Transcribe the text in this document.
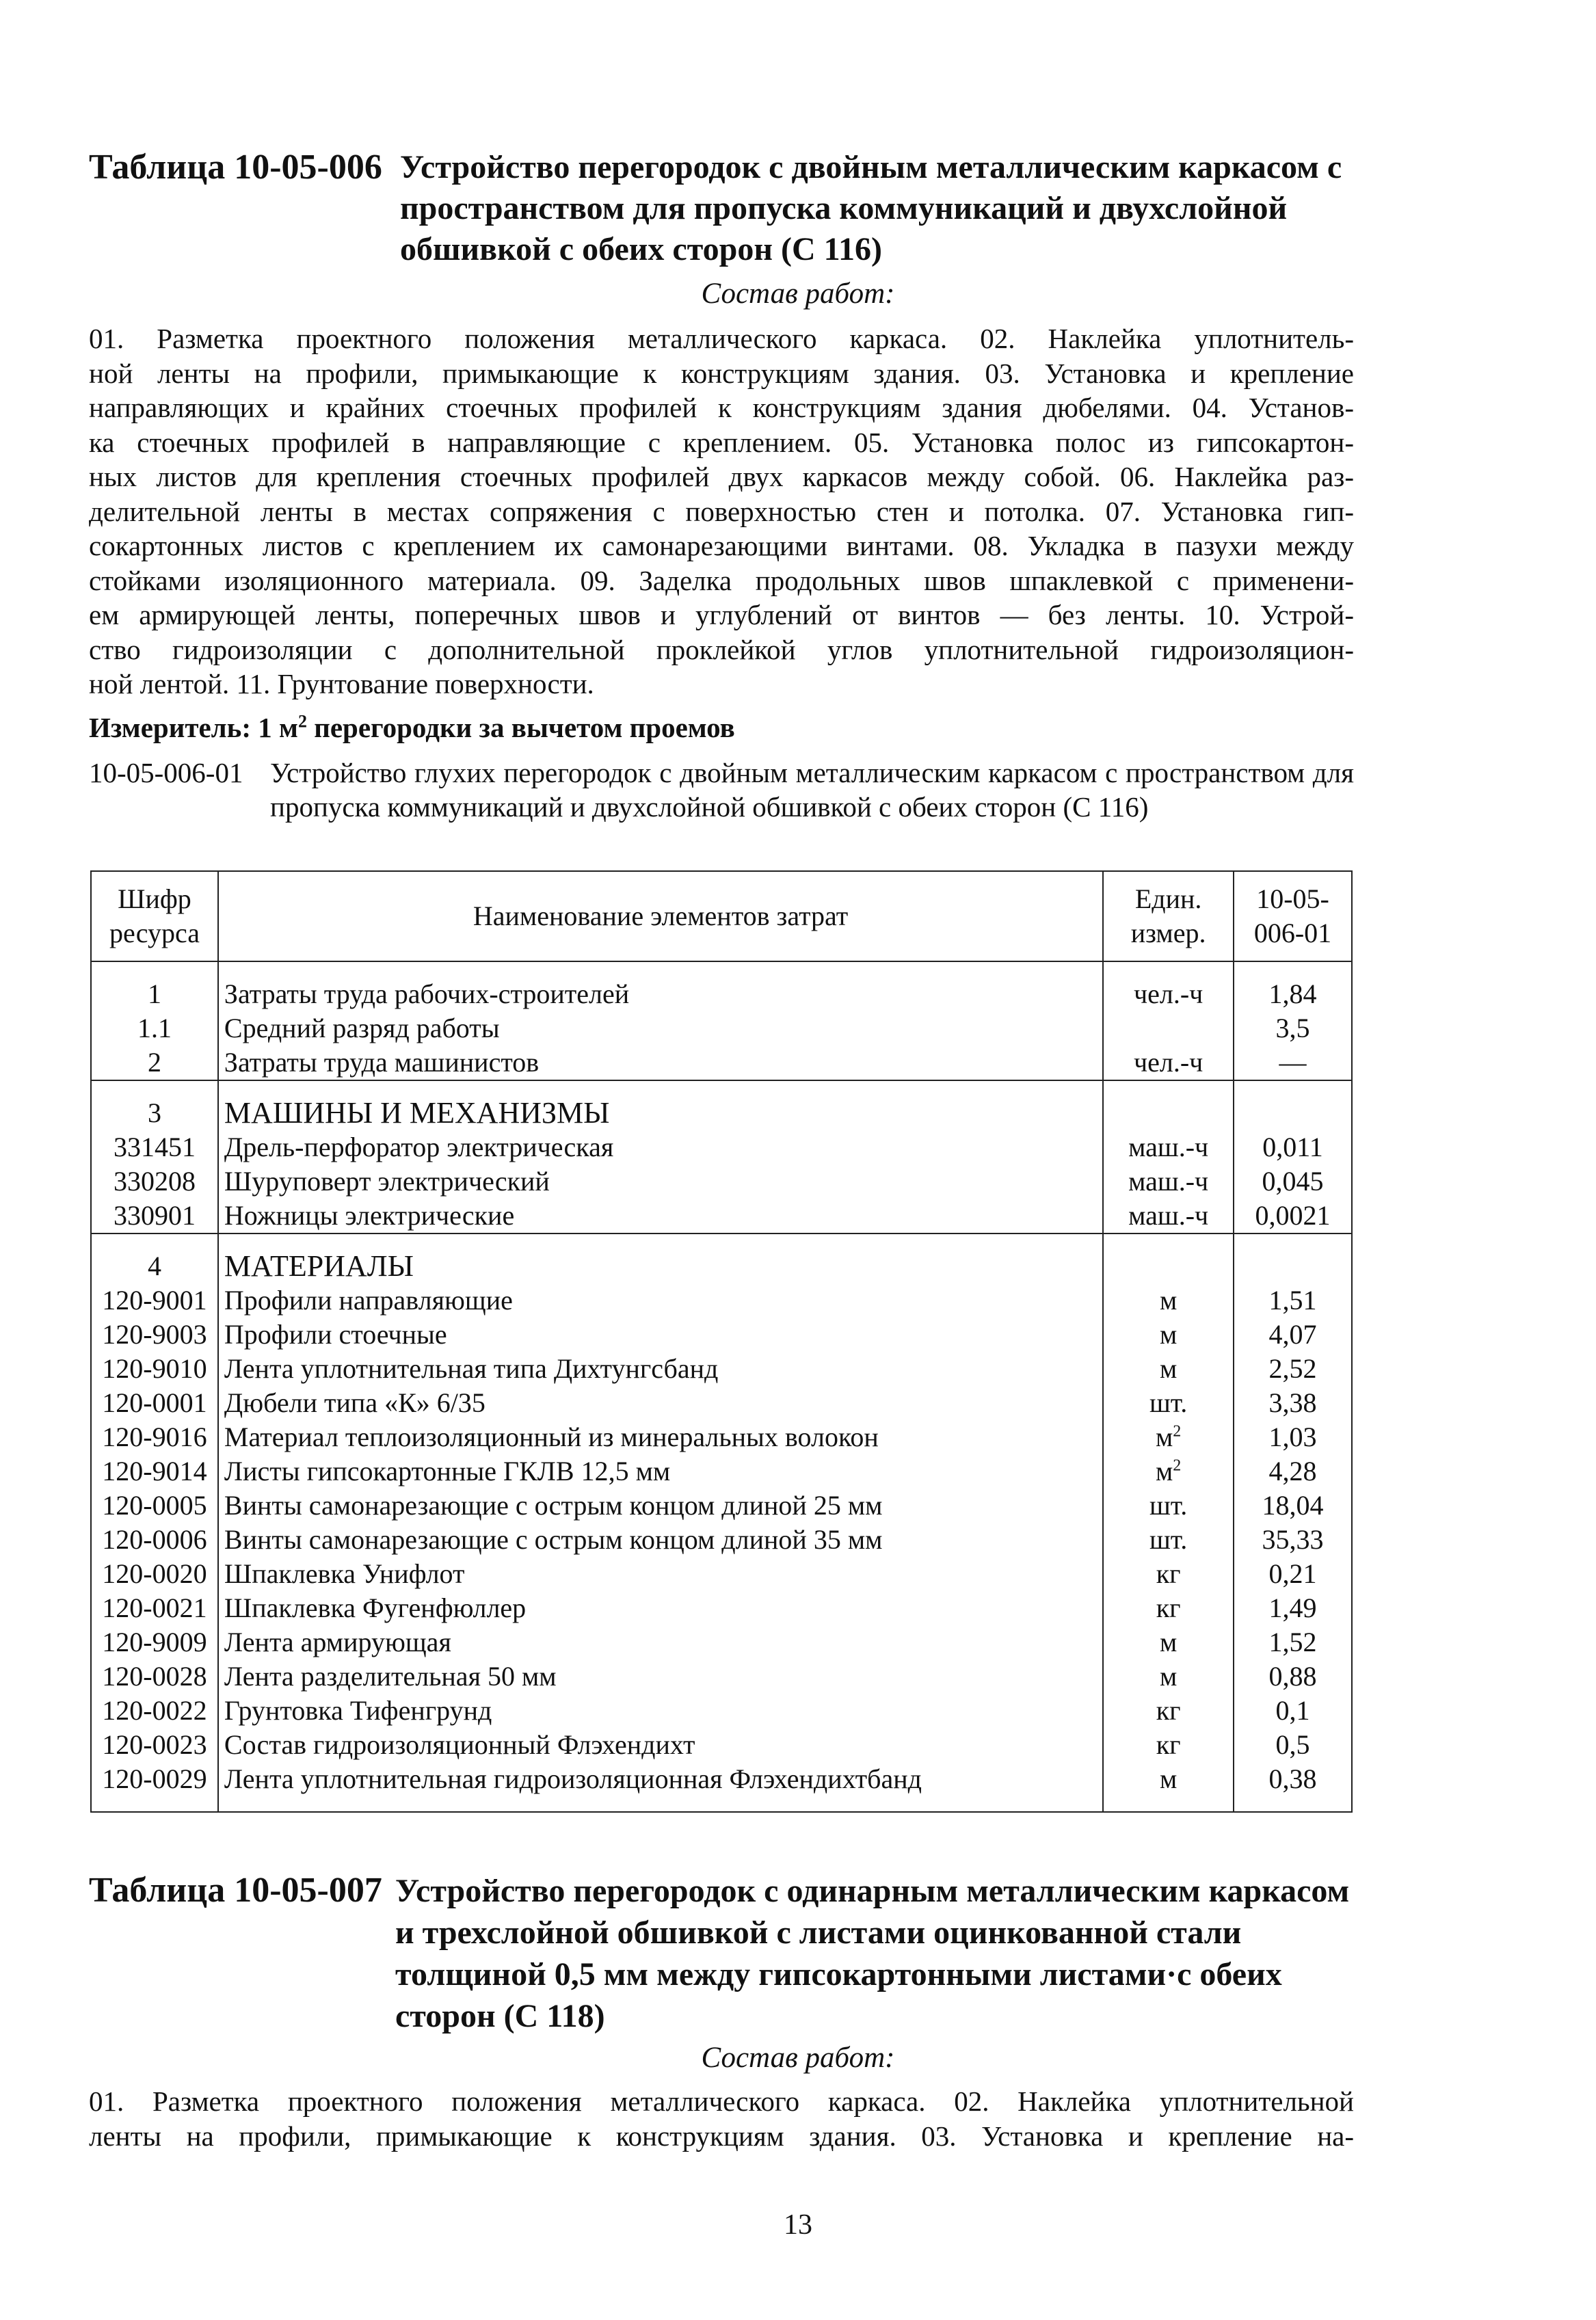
Таблица 10-05-006 Устройство перегородок с двойным металлическим каркасом с пространством для пропуска коммуникаций и двухслойной обшивкой с обеих сторон (С 116)
Состав работ:
01. Разметка проектного положения металлического каркаса. 02. Наклейка уплотнитель-
ной ленты на профили, примыкающие к конструкциям здания. 03. Установка и крепление
направляющих и крайних стоечных профилей к конструкциям здания дюбелями. 04. Установ-
ка стоечных профилей в направляющие с креплением. 05. Установка полос из гипсокартон-
ных листов для крепления стоечных профилей двух каркасов между собой. 06. Наклейка раз-
делительной ленты в местах сопряжения с поверхностью стен и потолка. 07. Установка гип-
сокартонных листов с креплением их самонарезающими винтами. 08. Укладка в пазухи между
стойками изоляционного материала. 09. Заделка продольных швов шпаклевкой с применени-
ем армирующей ленты, поперечных швов и углублений от винтов — без ленты. 10. Устрой-
ство гидроизоляции с дополнительной проклейкой углов уплотнительной гидроизоляцион-
ной лентой. 11. Грунтование поверхности.
Измеритель: 1 $м^2$ перегородки за вычетом проемов
10-05-006-01 Устройство глухих перегородок с двойным металлическим каркасом с пространством для пропуска коммуникаций и двухслойной обшивкой с обеих сторон (С 116)
Шифр ресурса	Наименование элементов затрат	Един. измер.	10-05-006-01

1	Затраты труда рабочих-строителей	чел.-ч	1,84
1.1	Средний разряд работы		3,5
2	Затраты труда машинистов	чел.-ч	—

3	МАШИНЫ И МЕХАНИЗМЫ		
331451	Дрель-перфоратор электрическая	маш.-ч	0,011
330208	Шуруповерт электрический	маш.-ч	0,045
330901	Ножницы электрические	маш.-ч	0,0021

4	МАТЕРИАЛЫ		
120-9001	Профили направляющие	м	1,51
120-9003	Профили стоечные	м	4,07
120-9010	Лента уплотнительная типа Дихтунгсбанд	м	2,52
120-0001	Дюбели типа «К» 6/35	шт.	3,38
120-9016	Материал теплоизоляционный из минеральных волокон	$м^2$	1,03
120-9014	Листы гипсокартонные ГКЛВ 12,5 мм	$м^2$	4,28
120-0005	Винты самонарезающие с острым концом длиной 25 мм	шт.	18,04
120-0006	Винты самонарезающие с острым концом длиной 35 мм	шт.	35,33
120-0020	Шпаклевка Унифлот	кг	0,21
120-0021	Шпаклевка Фугенфюллер	кг	1,49
120-9009	Лента армирующая	м	1,52
120-0028	Лента разделительная 50 мм	м	0,88
120-0022	Грунтовка Тифенгрунд	кг	0,1
120-0023	Состав гидроизоляционный Флэхендихт	кг	0,5
120-0029	Лента уплотнительная гидроизоляционная Флэхендихтбанд	м	0,38

Таблица 10-05-007 Устройство перегородок с одинарным металлическим каркасом
и трехслойной обшивкой с листами оцинкованной стали
толщиной 0,5 мм между гипсокартонными листами·с обеих
сторон (С 118)
Состав работ:
01. Разметка проектного положения металлического каркаса. 02. Наклейка уплотнительной
ленты на профили, примыкающие к конструкциям здания. 03. Установка и крепление на-
13
